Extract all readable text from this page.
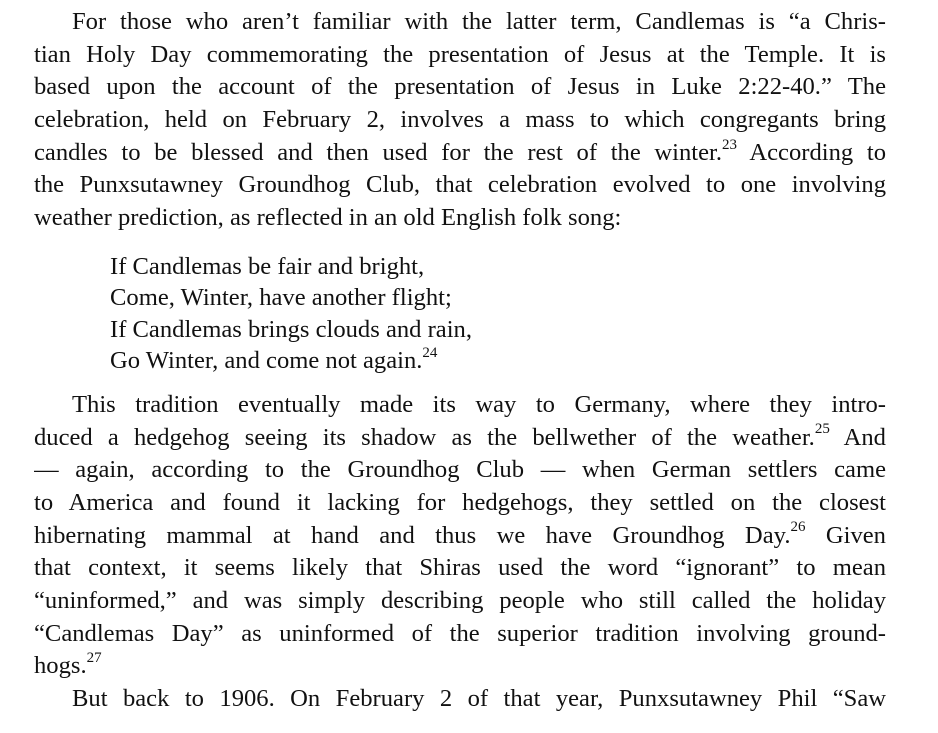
For those who aren’t familiar with the latter term, Candlemas is “a Chris-
tian Holy Day commemorating the presentation of Jesus at the Temple. It is
based upon the account of the presentation of Jesus in Luke 2:22-40.” The
celebration, held on February 2, involves a mass to which congregants bring
candles to be blessed and then used for the rest of the winter.$^{23}$ According to
the Punxsutawney Groundhog Club, that celebration evolved to one involving
weather prediction, as reflected in an old English folk song:
If Candlemas be fair and bright,
Come, Winter, have another flight;
If Candlemas brings clouds and rain,
Go Winter, and come not again.$^{24}$
This tradition eventually made its way to Germany, where they intro-
duced a hedgehog seeing its shadow as the bellwether of the weather.$^{25}$ And
— again, according to the Groundhog Club — when German settlers came
to America and found it lacking for hedgehogs, they settled on the closest
hibernating mammal at hand and thus we have Groundhog Day.$^{26}$ Given
that context, it seems likely that Shiras used the word “ignorant” to mean
“uninformed,” and was simply describing people who still called the holiday
“Candlemas Day” as uninformed of the superior tradition involving ground-
hogs.$^{27}$
But back to 1906. On February 2 of that year, Punxsutawney Phil “Saw
